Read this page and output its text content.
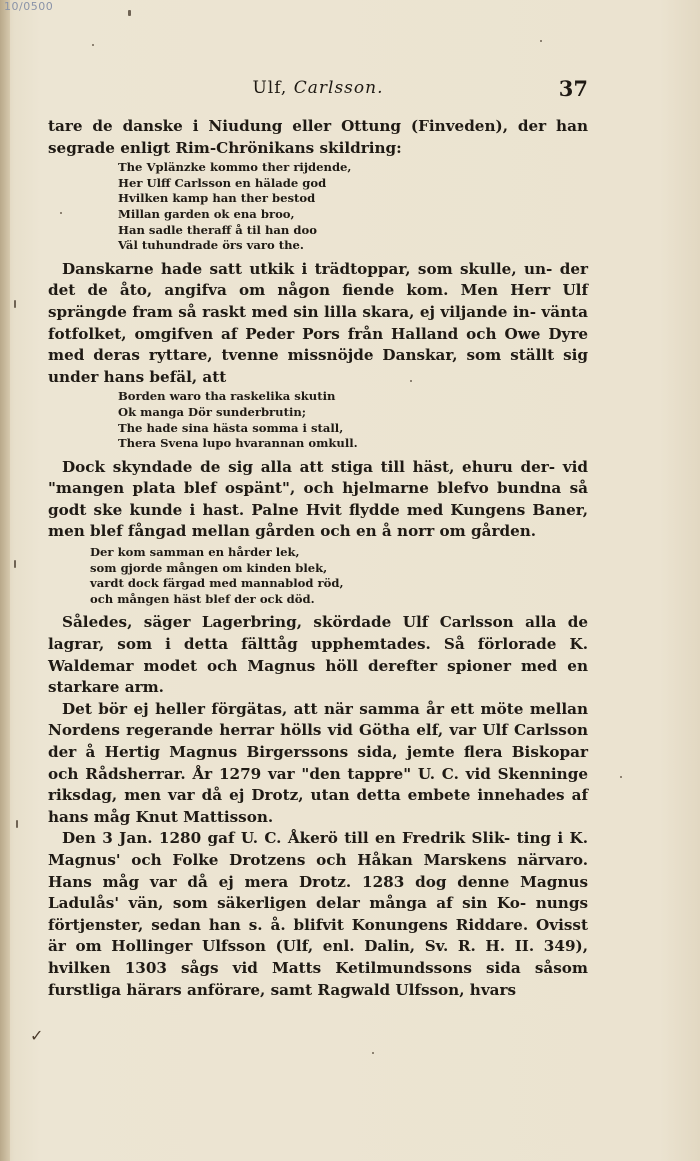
10/0500
Ulf, Carlsson.	37

tare de danske i Niudung eller Ottung (Finveden), der han segrade enligt Rim-Chrönikans skildring:

The Vplänzke kommo ther rijdende,
Her Ulff Carlsson en hälade god
Hvilken kamp han ther bestod
Millan garden ok ena broo,
Han sadle theraff å til han doo
Väl tuhundrade örs varo the.

Danskarne hade satt utkik i trädtoppar, som skulle, un- der det de åto, angifva om någon fiende kom. Men Herr Ulf sprängde fram så raskt med sin lilla skara, ej viljande in- vänta fotfolket, omgifven af Peder Pors från Halland och Owe Dyre med deras ryttare, tvenne missnöjde Danskar, som ställt sig under hans befäl, att

Borden waro tha raskelika skutin
Ok manga Dör sunderbrutin;
The hade sina hästa somma i stall,
Thera Svena lupo hvarannan omkull.

Dock skyndade de sig alla att stiga till häst, ehuru der- vid "mangen plata blef ospänt", och hjelmarne blefvo bundna så godt ske kunde i hast. Palne Hvit flydde med Kungens Baner, men blef fångad mellan gården och en å norr om gården.

Der kom samman en hårder lek,
som gjorde mången om kinden blek,
vardt dock färgad med mannablod röd,
och mången häst blef der ock död.

Således, säger Lagerbring, skördade Ulf Carlsson alla de lagrar, som i detta fälttåg upphemtades. Så förlorade K. Waldemar modet och Magnus höll derefter spioner med en starkare arm.

Det bör ej heller förgätas, att när samma år ett möte mellan Nordens regerande herrar hölls vid Götha elf, var Ulf Carlsson der å Hertig Magnus Birgerssons sida, jemte flera Biskopar och Rådsherrar. År 1279 var "den tappre" U. C. vid Skenninge riksdag, men var då ej Drotz, utan detta embete innehades af hans måg Knut Mattisson.

Den 3 Jan. 1280 gaf U. C. Åkerö till en Fredrik Slik- ting i K. Magnus' och Folke Drotzens och Håkan Marskens närvaro. Hans måg var då ej mera Drotz. 1283 dog denne Magnus Ladulås' vän, som säkerligen delar många af sin Ko- nungs förtjenster, sedan han s. å. blifvit Konungens Riddare. Ovisst är om Hollinger Ulfsson (Ulf, enl. Dalin, Sv. R. H. II. 349), hvilken 1303 sågs vid Matts Ketilmundssons sida såsom furstliga härars anförare, samt Ragwald Ulfsson, hvars

✓
